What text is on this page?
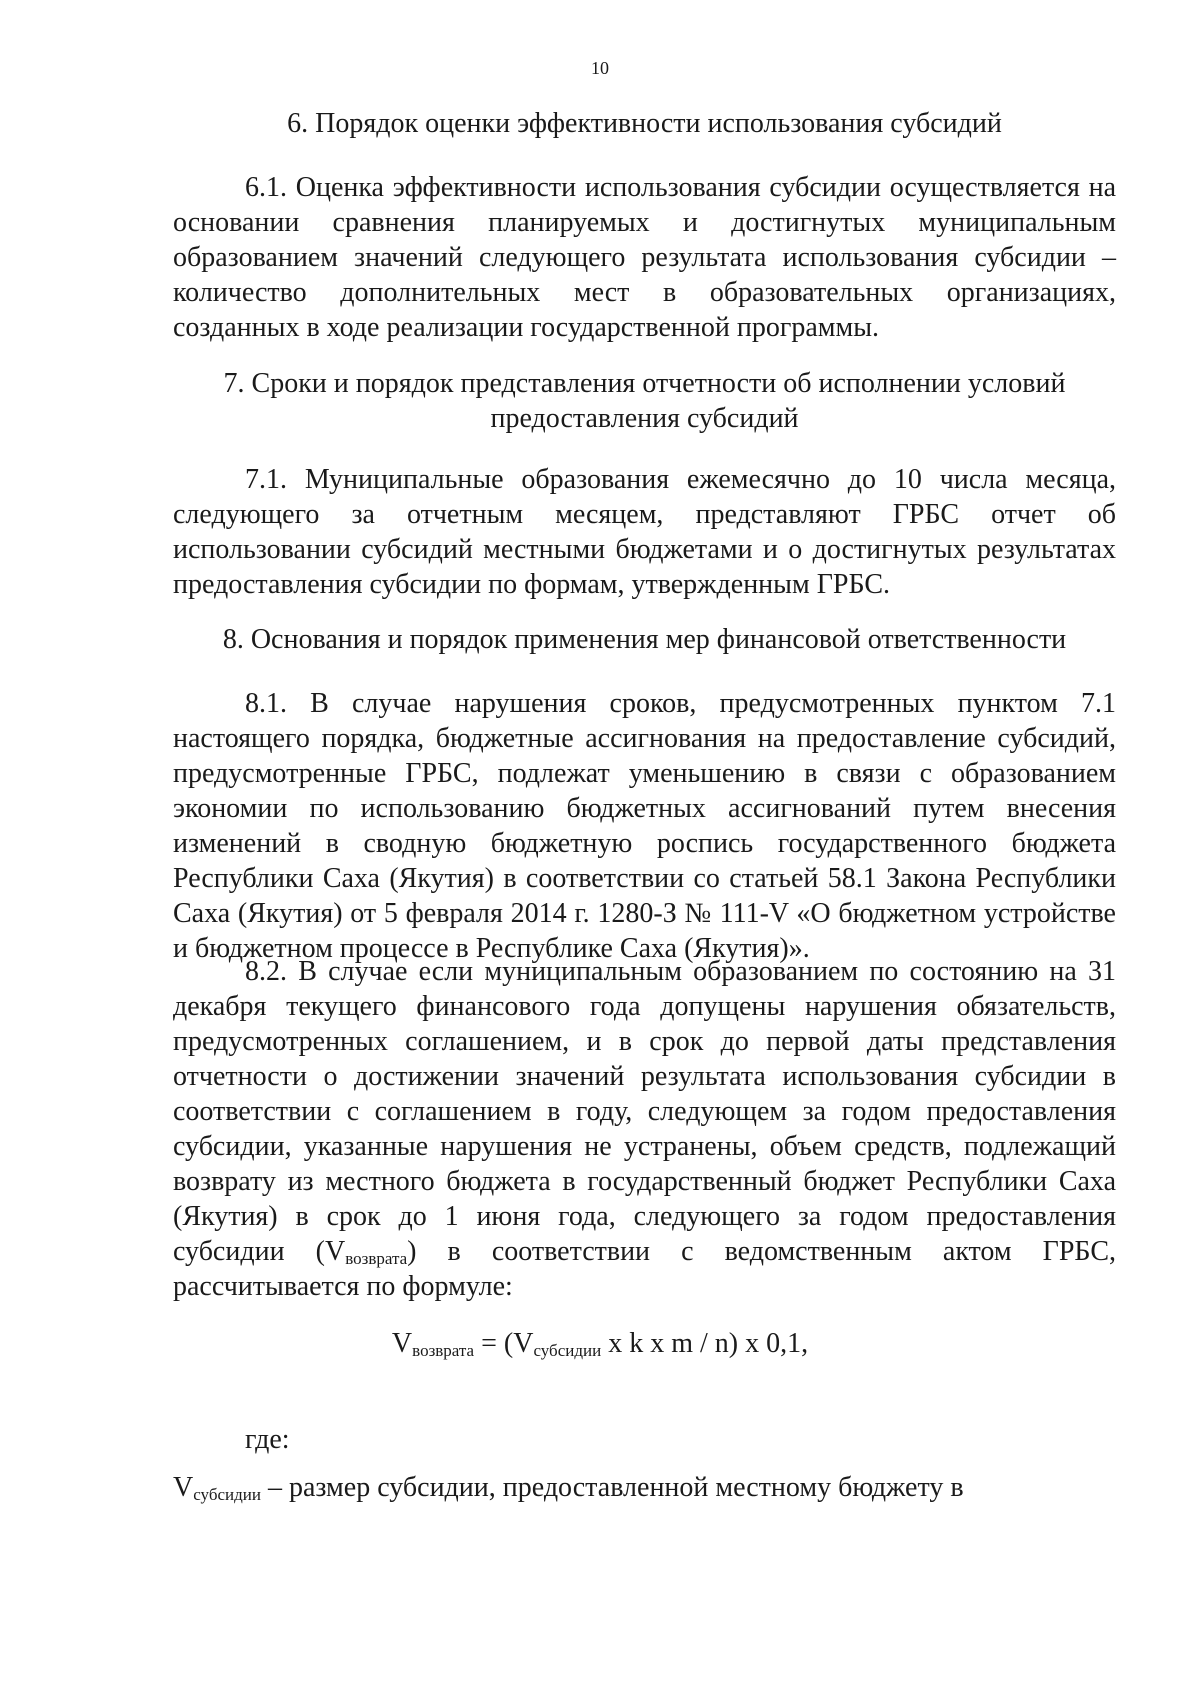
10
6. Порядок оценки эффективности использования субсидий
6.1. Оценка эффективности использования субсидии осуществляется на основании сравнения планируемых и достигнутых муниципальным образованием значений следующего результата использования субсидии – количество дополнительных мест в образовательных организациях, созданных в ходе реализации государственной программы.
7. Сроки и порядок представления отчетности об исполнении условий предоставления субсидий
7.1. Муниципальные образования ежемесячно до 10 числа месяца, следующего за отчетным месяцем, представляют ГРБС отчет об использовании субсидий местными бюджетами и о достигнутых результатах предоставления субсидии по формам, утвержденным ГРБС.
8. Основания и порядок применения мер финансовой ответственности
8.1. В случае нарушения сроков, предусмотренных пунктом 7.1 настоящего порядка, бюджетные ассигнования на предоставление субсидий, предусмотренные ГРБС, подлежат уменьшению в связи с образованием экономии по использованию бюджетных ассигнований путем внесения изменений в сводную бюджетную роспись государственного бюджета Республики Саха (Якутия) в соответствии со статьей 58.1 Закона Республики Саха (Якутия) от 5 февраля 2014 г. 1280-З № 111-V «О бюджетном устройстве и бюджетном процессе в Республике Саха (Якутия)».
8.2. В случае если муниципальным образованием по состоянию на 31 декабря текущего финансового года допущены нарушения обязательств, предусмотренных соглашением, и в срок до первой даты представления отчетности о достижении значений результата использования субсидии в соответствии с соглашением в году, следующем за годом предоставления субсидии, указанные нарушения не устранены, объем средств, подлежащий возврату из местного бюджета в государственный бюджет Республики Саха (Якутия) в срок до 1 июня года, следующего за годом предоставления субсидии $(V_{возврата})$ в соответствии с ведомственным актом ГРБС, рассчитывается по формуле:
$V_{возврата} = (V_{субсидии}$ x k x m / n) x 0,1,
где:
$V_{субсидии}$ – размер субсидии, предоставленной местному бюджету в
